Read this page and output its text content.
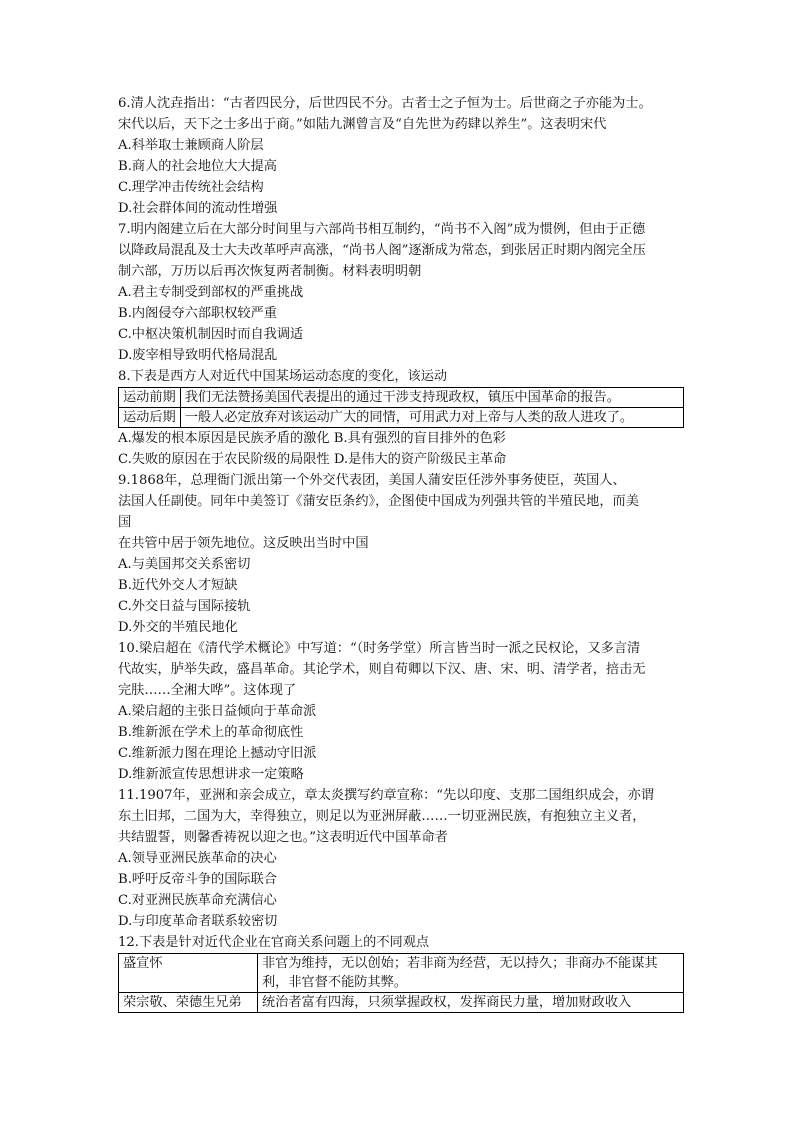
6.清人沈垚指出：“古者四民分，后世四民不分。古者士之子恒为士。后世商之子亦能为士。
宋代以后，天下之士多出于商。”如陆九渊曾言及“自先世为药肆以养生”。这表明宋代
A.科举取士兼顾商人阶层
B.商人的社会地位大大提高
C.理学冲击传统社会结构
D.社会群体间的流动性增强
7.明内阁建立后在大部分时间里与六部尚书相互制约，“尚书不入阁”成为惯例，但由于正德
以降政局混乱及士大夫改革呼声高涨，“尚书人阁”逐渐成为常态，到张居正时期内阁完全压
制六部，万历以后再次恢复两者制衡。材料表明明朝
A.君主专制受到部权的严重挑战
B.内阁侵夺六部职权较严重
C.中枢决策机制因时而自我调适
D.废宰相导致明代格局混乱
8.下表是西方人对近代中国某场运动态度的变化，该运动
运动前期	我们无法赞扬美国代表提出的通过干涉支持现政权，镇压中国革命的报告。
运动后期	一般人必定放弃对该运动广大的同情，可用武力对上帝与人类的敌人进攻了。
A.爆发的根本原因是民族矛盾的激化 B.具有强烈的盲目排外的色彩
C.失败的原因在于农民阶级的局限性 D.是伟大的资产阶级民主革命
9.1868年，总理衙门派出第一个外交代表团，美国人蒲安臣任涉外事务使臣，英国人、
法国人任副使。同年中美签订《蒲安臣条约》，企图使中国成为列强共管的半殖民地，而美
国
在共管中居于领先地位。这反映出当时中国
A.与美国邦交关系密切
B.近代外交人才短缺
C.外交日益与国际接轨
D.外交的半殖民地化
10.梁启超在《清代学术概论》中写道：“（时务学堂）所言皆当时一派之民权论，又多言清
代故实，胪举失政，盛昌革命。其论学术，则自荀卿以下汉、唐、宋、明、清学者，掊击无
完肤……全湘大哗”。这体现了
A.梁启超的主张日益倾向于革命派
B.维新派在学术上的革命彻底性
C.维新派力图在理论上撼动守旧派
D.维新派宣传思想讲求一定策略
11.1907年，亚洲和亲会成立，章太炎撰写约章宣称：“先以印度、支那二国组织成会，亦谓
东土旧邦，二国为大，幸得独立，则足以为亚洲屏蔽……一切亚洲民族，有抱独立主义者，
共结盟誓，则馨香祷祝以迎之也。”这表明近代中国革命者
A.领导亚洲民族革命的决心
B.呼吁反帝斗争的国际联合
C.对亚洲民族革命充满信心
D.与印度革命者联系较密切
12.下表是针对近代企业在官商关系问题上的不同观点
盛宣怀	非官为维持，无以创始；若非商为经营，无以持久；非商办不能谋其利，非官督不能防其弊。
荣宗敬、荣德生兄弟	统治者富有四海，只须掌握政权，发挥商民力量，增加财政收入
